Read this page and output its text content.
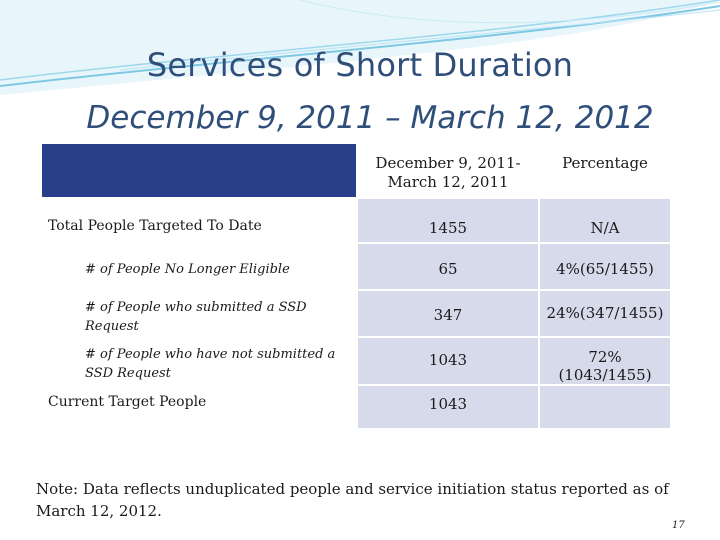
Services of Short Duration
December 9, 2011 – March 12, 2012

	December 9, 2011- March 12, 2011	Percentage
Total People Targeted To Date	1455	N/A
# of People No Longer Eligible	65	4%(65/1455)
# of People who submitted a SSD Request	347	24%(347/1455)
# of People who have not submitted a SSD Request	1043	72% (1043/1455)
Current Target People	1043	
Note: Data reflects unduplicated people and service initiation status reported as of March 12, 2012.
17
